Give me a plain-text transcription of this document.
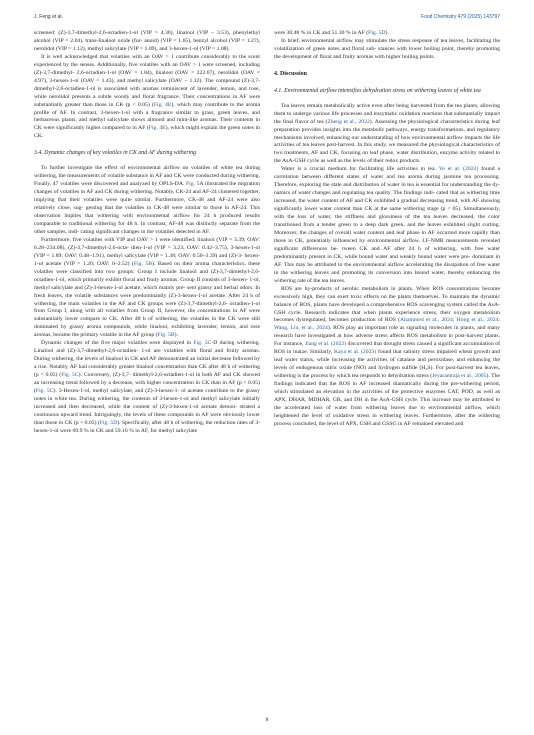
J. Feng et al.	Food Chemistry 479 (2025) 143797

screened: (Z)-3,7-dimethyl-2,6-octadien-1-ol (VIP = 4.36), linalool (VIP − 3.53), phenylethyl alcohol (VIP = 2.04), trans-linalool oxide (fur- anoid) (VIP = 1.65), benzyl alcohol (VIP = 1.27), nerolidol (VIP = 1.12), methyl salicylate (VIP = 1.09), and 3-hexen-1-ol (VIP = 1.08).

It is well acknowledged that volatiles with an OAV > 1 contribute considerably to the scent experienced by the senses. Additionally, five volatiles with an OAV > 1 were screened, including (Z)-3,7-dimethyl- 2,6-octadien-1-ol (OAV = 1.84), linalool (OAV = 222.67), nerolidol (OAV = 4.97), 3-hexen-1-ol (OAV = 1.43), and methyl salicylate (OAV − 1.12). The compound (Z)-3,7-dimethyl-2,6-octadien-1-ol is associated with aromas reminiscent of lavender, lemon, and rose, while nerolidol presents a subtle woody and floral fragrance. Their concentrations in AF were substantially greater than those in CK (p < 0.05) (Fig. 4E), which may contribute to the aroma profile of AF. In contrast, 3-hexen-1-ol with a fragrance similar to grass, green leaves, and herbaceous plants, and methyl salicylate shows almond and mint-like aromas. Their contents in CK were significantly higher compared to in AF (Fig. 4E), which might explain the green notes in CK.

3.4. Dynamic changes of key volatiles in CK and AF during withering

To further investigate the effect of environmental airflow on volatiles of white tea during withering, the measurements of volatile substance in AF and CK were conducted during withering. Finally, 47 volatiles were discovered and analyzed by OPLS-DA. Fig. 5A illustrated the migration changes of volatiles in AF and CK during withering. Notably, CK-24 and AF-24 clustered together, implying that their volatiles were quite similar. Furthermore, CK-48 and AF-24 were also relatively close, sug- gesting that the volatiles in CK-48 were similar to those in AF-24. This observation implies that withering with environmental airflow for 24 h produced results comparable to traditional withering for 48 h. In contrast, AF-48 was distinctly separate from the other samples, indi- cating significant changes in the volatiles detected in AF.

Furthermore, five volatiles with VIP and OAV > 1 were identified: linalool (VIP = 3.39; OAV: 6.28–234.08), (Z)-3,7-dimethyl-2,6-octa- dien-1-ol (VIP = 3.23; OAV: 0.42–3.75), 3-hexen-1-ol (VIP = 1.89; OAV: 0.48–1.91), methyl salicylate (VIP = 1.38; OAV: 0.50–3.39) and (Z)-3- hexen-1-ol acetate (VIP = 1.20; OAV: 0–2.52) (Fig. 5B). Based on their aroma characteristics, these volatiles were classified into two groups: Group I include linalool and (Z)-3,7-dimethyl-2,6-octadien-1-ol, which primarily exhibit floral and fruity aromas. Group II consists of 3-hexen- 1-ol, methyl salicylate and (Z)-3-hexen-1-ol acetate, which mainly pre- sent grassy and herbal odors. In fresh leaves, the volatile substances were predominantly (Z)-3-hexen-1-ol acetate. After 24 h of withering, the main volatiles in the AF and CK groups were (Z)-3,7-dimethyl-2,6- octadien-1-ol from Group I, along with all volatiles from Group II, however, the concentrations in AF were substantially lower compare to CK. After 48 h of withering, the volatiles in the CK were still dominated by grassy aroma compounds, while linalool, exhibiting lavender, lemon, and rose aromas, became the primary volatile in the AF group (Fig. 5B).

Dynamic changes of the five major volatiles were displayed in Fig. 5C-D during withering. Linalool and (Z)-3,7-dimethyl-2,6-octadien- 1-ol are volatiles with floral and fruity aromas. During withering, the levels of linalool in CK and AF demonstrated an initial decrease followed by a rise. Notably, AF had considerably greater linalool concentration than CK after 48 h of withering (p < 0.05) (Fig. 5C). Conversely, (Z)-3,7- dimethyl-2,6-octadien-1-ol in both AF and CK showed an increasing trend followed by a decrease, with higher concentration in CK than in AF (p < 0.05) (Fig. 5C). 3-Hexen-1-ol, methyl salicylate, and (Z)-3-hexen-1- ol acetate contribute to the grassy notes in white tea. During withering, the contents of 3-hexen-1-ol and methyl salicylate initially increased and then decreased, while the content of (Z)-3-hexen-1-ol acetate demon- strated a continuous upward trend. Intriguingly, the levels of these compounds in AF were obviously lower than those in CK (p < 0.05) (Fig. 5D). Specifically, after 48 h of withering, the reduction rates of 3- hexen-1-ol were 60.9 % in CK and 59.16 % in AF, for methyl salicylate

were 30.48 % in CK and 51.30 % in AF (Fig. 5D).

In brief, environmental airflow may stimulate the stress response of tea leaves, facilitating the volatilization of green notes and floral sub- stances with lower boiling point, thereby promoting the development of floral and fruity aromas with higher boiling points.

4. Discussion
4.1. Environmental airflow intensifies dehydration stress on withering leaves of white tea

Tea leaves remain metabolically active even after being harvested from the tea plants, allowing them to undergo various life processes and enzymatic oxidation reactions that substantially impact the final flavor of tea (Zheng et al., 2022). Assessing the physiological characteristics during leaf preparation provides insights into the metabolic pathways, energy transformations, and regulatory mechanisms involved, enhancing our understanding of how environmental airflow impacts the life activities of tea leaves post-harvest. In this study, we measured the physiological characteristics of two treatments, AF and CK, focusing on leaf phase, water distribution, enzyme activity related to the AsA-GSH cycle as well as the levels of their redox products.

Water is a crucial medium for facilitating life activities in tea. Ye et al. (2022) found a correlation between different states of water and tea aroma during jasmine tea processing. Therefore, exploring the state and distribution of water in tea is essential for understanding the dy- namics of water changes and regulating tea quality. The findings indi- cated that as withering time increased, the water content of AF and CK exhibited a gradual decreasing trend, with AF showing significantly lower water content than CK at the same withering stage (p < 05). Simultaneously, with the loss of water, the stiffness and glossiness of the tea leaves decreased, the color transitioned from a tender green to a deep dark green, and the leaves exhibited slight curling. Moreover, the changes of overall water content and leaf phase in AF occurred more rapidly than those in CK, potentially influenced by environmental airflow. LF-NMR measurements revealed significant differences be- tween CK and AF after 24 h of withering, with free water predominantly present in CK, while bound water and weakly bound water were pre- dominant in AF. This may be attributed to the environmental airflow accelerating the dissipation of free water in the withering leaves and promoting its conversion into bound water, thereby enhancing the withering rate of the tea leaves.

ROS are by-products of aerobic metabolism in plants. When ROS concentrations become excessively high, they can exert toxic effects on the plants themselves. To maintain the dynamic balance of ROS, plants have developed a comprehensive ROS scavenging system called the AsA- GSH cycle. Research indicates that when plants experience stress, their oxygen metabolism becomes dysregulated, becomes production of ROS (Ahammed et al., 2024; Hong et al., 2024; Wang, Liu, et al., 2024). ROS play an important role as signaling molecules in plants, and many research have investigated at how adverse stress affects ROS metabolism in post-harvest plants. For instance, Jiang et al. (2022) discovered that drought stress caused a significant accumulation of ROS in maize. Similarly, Kaya et al. (2023) found that salinity stress impaired wheat growth and leaf water status, while increasing the activities of catalase and peroxidase, and enhancing the levels of endogenous nitric oxide (NO) and hydrogen sulfide (H₂S). For post-harvest tea leaves, withering is the process by which tea responds to dehydration stress (Jeyaramraja et al., 2005). The findings indicated that the ROS in AF increased dramatically during the pre-withering period, which stimulated an elevation in the activities of the protective enzymes CAT, POD, as well as APX, DHAR, MDHAR, GR, and DH in the AsA-GSH cycle. This increase may be attributed to the accelerated loss of water from withering leaves due to environmental airflow, which heightened the level of oxidative stress in withering leaves. Furthermore, after the withering process concluded, the level of APX, GSH and GSSG in AF remained elevated and

8
